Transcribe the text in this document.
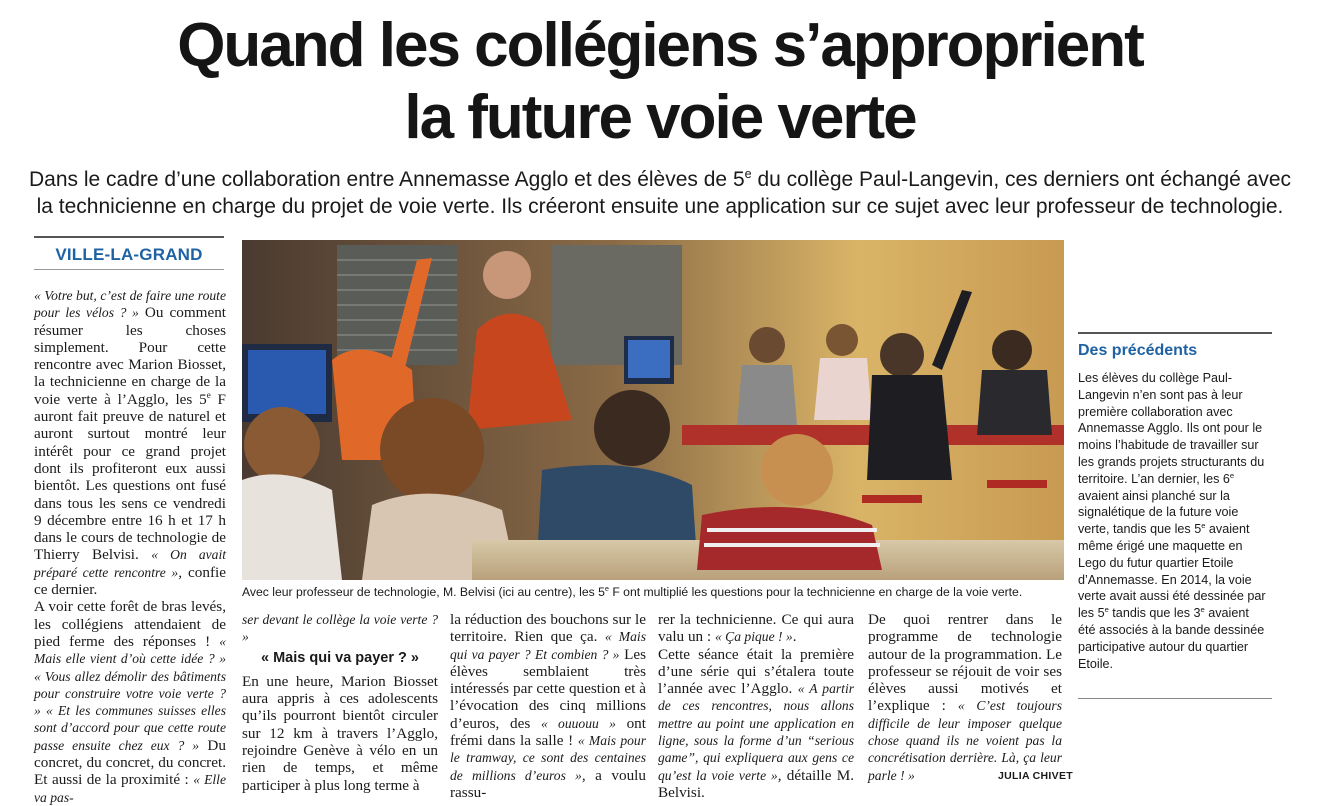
Quand les collégiens s’approprient
la future voie verte
Dans le cadre d’une collaboration entre Annemasse Agglo et des élèves de 5e du collège Paul-Langevin, ces derniers ont échangé avec la technicienne en charge du projet de voie verte. Ils créeront ensuite une application sur ce sujet avec leur professeur de technologie.
VILLE-LA-GRAND
« Votre but, c’est de faire une route pour les vélos ? » Ou comment résumer les choses simplement. Pour cette rencontre avec Marion Biosset, la technicienne en charge de la voie verte à l’Agglo, les 5e F auront fait preuve de naturel et auront surtout montré leur intérêt pour ce grand projet dont ils profiteront eux aussi bientôt. Les questions ont fusé dans tous les sens ce vendredi 9 décembre entre 16 h et 17 h dans le cours de technologie de Thierry Belvisi. « On avait préparé cette rencontre », confie ce dernier.
A voir cette forêt de bras levés, les collégiens attendaient de pied ferme des réponses ! « Mais elle vient d’où cette idée ? » « Vous allez démolir des bâtiments pour construire votre voie verte ? » « Et les communes suisses elles sont d’accord pour que cette route passe ensuite chez eux ? » Du concret, du concret, du concret. Et aussi de la proximité : « Elle va pas-
Avec leur professeur de technologie, M. Belvisi (ici au centre), les 5e F ont multiplié les questions pour la technicienne en charge de la voie verte.
ser devant le collège la voie verte ? »
« Mais qui va payer ? »
En une heure, Marion Biosset aura appris à ces adolescents qu’ils pourront bientôt circuler sur 12 km à travers l’Agglo, rejoindre Genève à vélo en un rien de temps, et même participer à plus long terme à
la réduction des bouchons sur le territoire. Rien que ça. « Mais qui va payer ? Et combien ? » Les élèves semblaient très intéressés par cette question et à l’évocation des cinq millions d’euros, des « ouuouu » ont frémi dans la salle ! « Mais pour le tramway, ce sont des centaines de millions d’euros », a voulu rassu-
rer la technicienne. Ce qui aura valu un : « Ça pique ! ».
Cette séance était la première d’une série qui s’étalera toute l’année avec l’Agglo. « A partir de ces rencontres, nous allons mettre au point une application en ligne, sous la forme d’un “serious game”, qui expliquera aux gens ce qu’est la voie verte », détaille M. Belvisi.
De quoi rentrer dans le programme de technologie autour de la programmation. Le professeur se réjouit de voir ses élèves aussi motivés et l’explique : « C’est toujours difficile de leur imposer quelque chose quand ils ne voient pas la concrétisation derrière. Là, ça leur parle ! »	JULIA CHIVET
Des précédents
Les élèves du collège Paul-Langevin n’en sont pas à leur première collaboration avec Annemasse Agglo. Ils ont pour le moins l’habitude de travailler sur les grands projets structurants du territoire. L’an dernier, les 6e avaient ainsi planché sur la signalétique de la future voie verte, tandis que les 5e avaient même érigé une maquette en Lego du futur quartier Etoile d’Annemasse. En 2014, la voie verte avait aussi été dessinée par les 5e tandis que les 3e avaient été associés à la bande dessinée participative autour du quartier Etoile.
